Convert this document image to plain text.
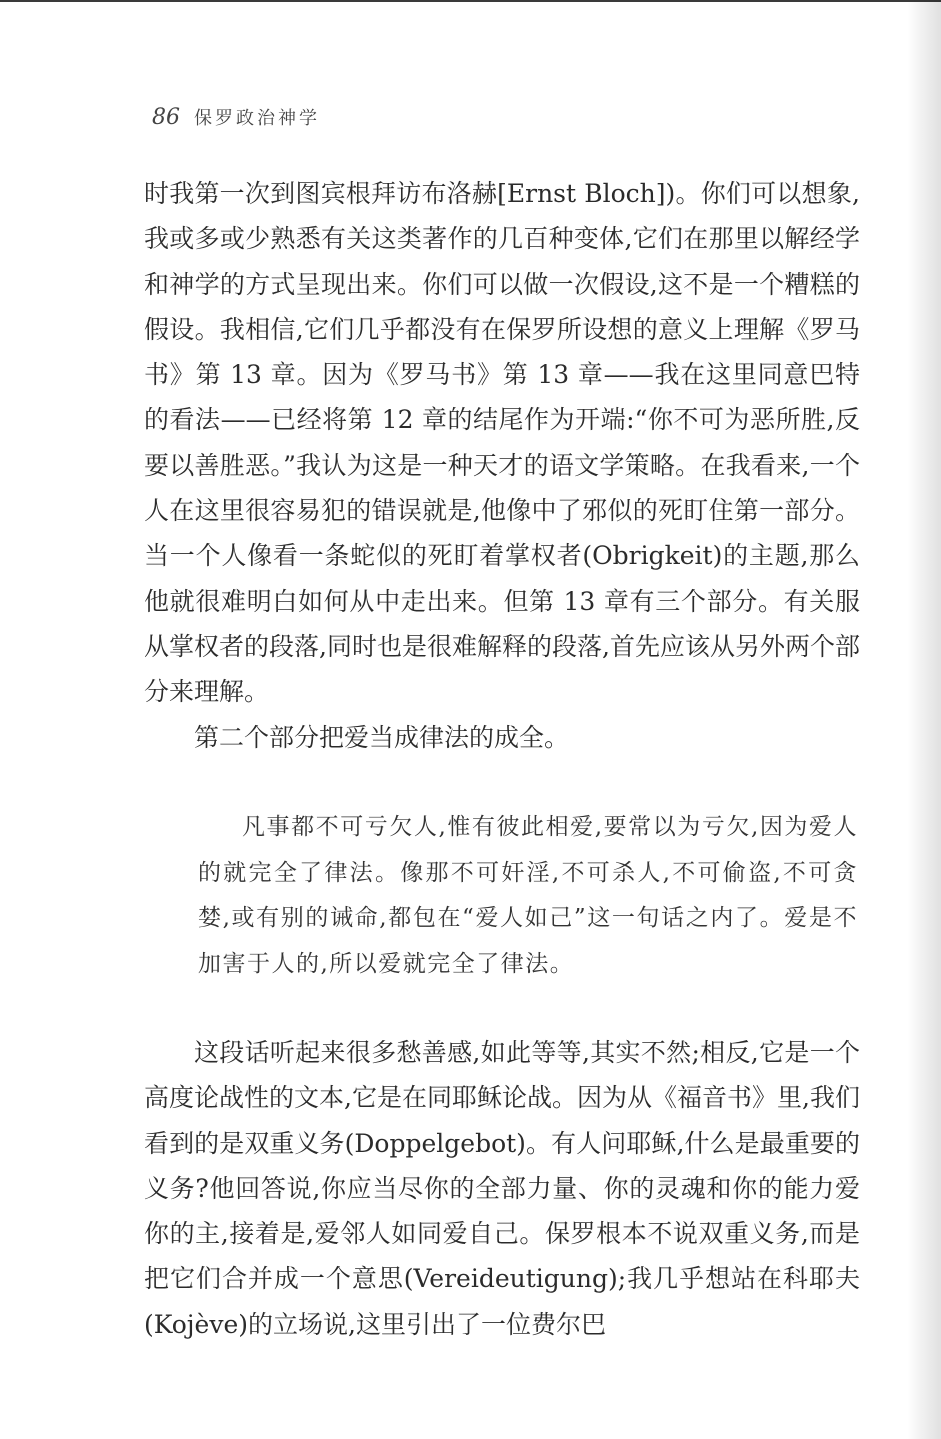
86 保罗政治神学

时我第一次到图宾根拜访布洛赫[Ernst Bloch])。你们可以想象,我或多或少熟悉有关这类著作的几百种变体,它们在那里以解经学和神学的方式呈现出来。你们可以做一次假设,这不是一个糟糕的假设。我相信,它们几乎都没有在保罗所设想的意义上理解《罗马书》第 13 章。因为《罗马书》第 13 章——我在这里同意巴特的看法——已经将第 12 章的结尾作为开端:“你不可为恶所胜,反要以善胜恶。”我认为这是一种天才的语文学策略。在我看来,一个人在这里很容易犯的错误就是,他像中了邪似的死盯住第一部分。当一个人像看一条蛇似的死盯着掌权者(Obrigkeit)的主题,那么他就很难明白如何从中走出来。但第 13 章有三个部分。有关服从掌权者的段落,同时也是很难解释的段落,首先应该从另外两个部分来理解。

第二个部分把爱当成律法的成全。

凡事都不可亏欠人,惟有彼此相爱,要常以为亏欠,因为爱人的就完全了律法。像那不可奸淫,不可杀人,不可偷盗,不可贪婪,或有别的诫命,都包在“爱人如己”这一句话之内了。爱是不加害于人的,所以爱就完全了律法。

这段话听起来很多愁善感,如此等等,其实不然;相反,它是一个高度论战性的文本,它是在同耶稣论战。因为从《福音书》里,我们看到的是双重义务(Doppelgebot)。有人问耶稣,什么是最重要的义务?他回答说,你应当尽你的全部力量、你的灵魂和你的能力爱你的主,接着是,爱邻人如同爱自己。保罗根本不说双重义务,而是把它们合并成一个意思(Vereideutigung);我几乎想站在科耶夫(Kojève)的立场说,这里引出了一位费尔巴
